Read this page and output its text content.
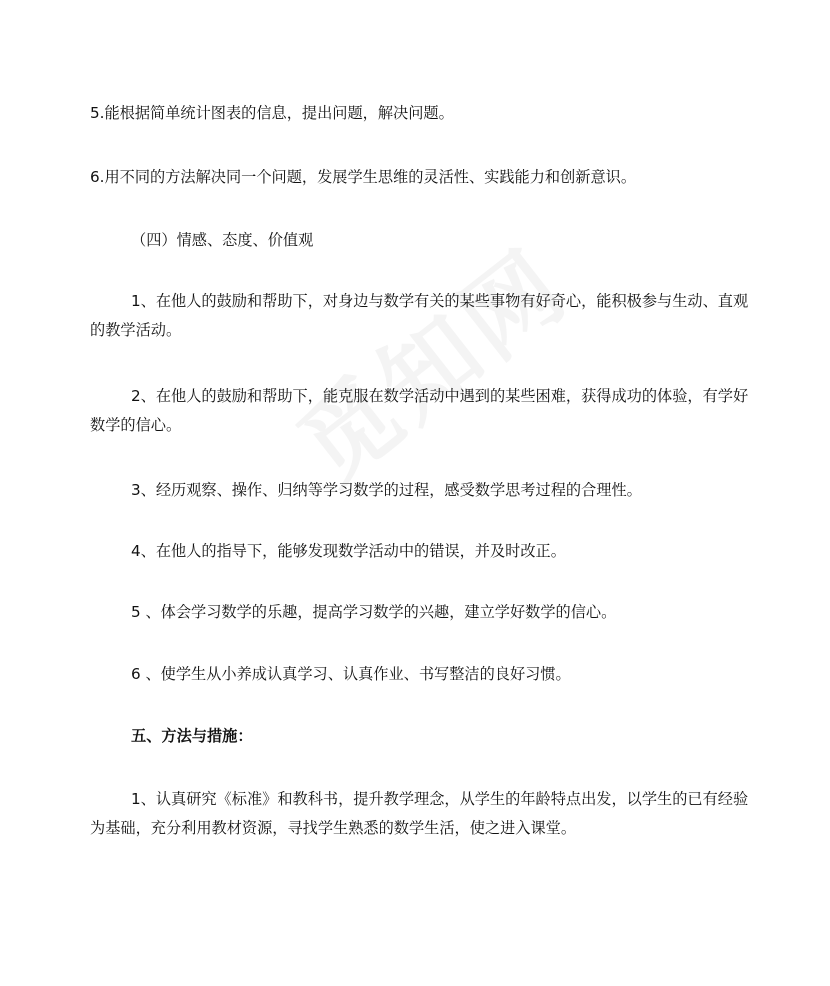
5.能根据简单统计图表的信息，提出问题，解决问题。

6.用不同的方法解决同一个问题，发展学生思维的灵活性、实践能力和创新意识。

（四）情感、态度、价值观

1、在他人的鼓励和帮助下，对身边与数学有关的某些事物有好奇心，能积极参与生动、直观的教学活动。

2、在他人的鼓励和帮助下，能克服在数学活动中遇到的某些困难，获得成功的体验，有学好数学的信心。

3、经历观察、操作、归纳等学习数学的过程，感受数学思考过程的合理性。

4、在他人的指导下，能够发现数学活动中的错误，并及时改正。

5 、体会学习数学的乐趣，提高学习数学的兴趣，建立学好数学的信心。

6 、使学生从小养成认真学习、认真作业、书写整洁的良好习惯。

五、方法与措施：

1、认真研究《标准》和教科书，提升教学理念，从学生的年龄特点出发，以学生的已有经验为基础，充分利用教材资源，寻找学生熟悉的数学生活，使之进入课堂。
